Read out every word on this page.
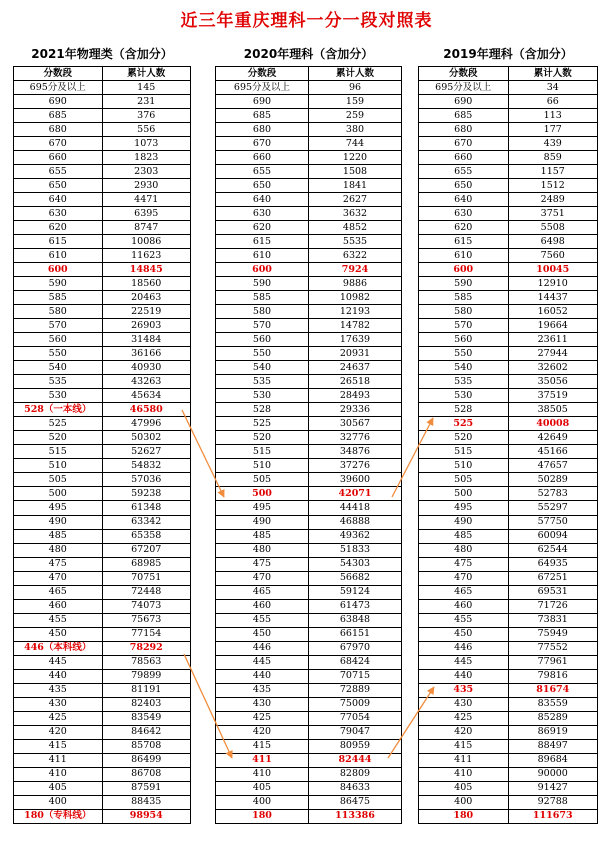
近三年重庆理科一分一段对照表
2021年物理类（含加分）
分数段	累计人数
695分及以上	145
690	231
685	376
680	556
670	1073
660	1823
655	2303
650	2930
640	4471
630	6395
620	8747
615	10086
610	11623
600	14845
590	18560
585	20463
580	22519
570	26903
560	31484
550	36166
540	40930
535	43263
530	45634
528（一本线）	46580
525	47996
520	50302
515	52627
510	54832
505	57036
500	59238
495	61348
490	63342
485	65358
480	67207
475	68985
470	70751
465	72448
460	74073
455	75673
450	77154
446（本科线）	78292
445	78563
440	79899
435	81191
430	82403
425	83549
420	84642
415	85708
411	86499
410	86708
405	87591
400	88435
180（专科线）	98954
2020年理科（含加分）
分数段	累计人数
695分及以上	96
690	159
685	259
680	380
670	744
660	1220
655	1508
650	1841
640	2627
630	3632
620	4852
615	5535
610	6322
600	7924
590	9886
585	10982
580	12193
570	14782
560	17639
550	20931
540	24637
535	26518
530	28493
528	29336
525	30567
520	32776
515	34876
510	37276
505	39600
500	42071
495	44418
490	46888
485	49362
480	51833
475	54303
470	56682
465	59124
460	61473
455	63848
450	66151
446	67970
445	68424
440	70715
435	72889
430	75009
425	77054
420	79047
415	80959
411	82444
410	82809
405	84633
400	86475
180	113386
2019年理科（含加分）
分数段	累计人数
695分及以上	34
690	66
685	113
680	177
670	439
660	859
655	1157
650	1512
640	2489
630	3751
620	5508
615	6498
610	7560
600	10045
590	12910
585	14437
580	16052
570	19664
560	23611
550	27944
540	32602
535	35056
530	37519
528	38505
525	40008
520	42649
515	45166
510	47657
505	50289
500	52783
495	55297
490	57750
485	60094
480	62544
475	64935
470	67251
465	69531
460	71726
455	73831
450	75949
446	77552
445	77961
440	79816
435	81674
430	83559
425	85289
420	86919
415	88497
411	89684
410	90000
405	91427
400	92788
180	111673
